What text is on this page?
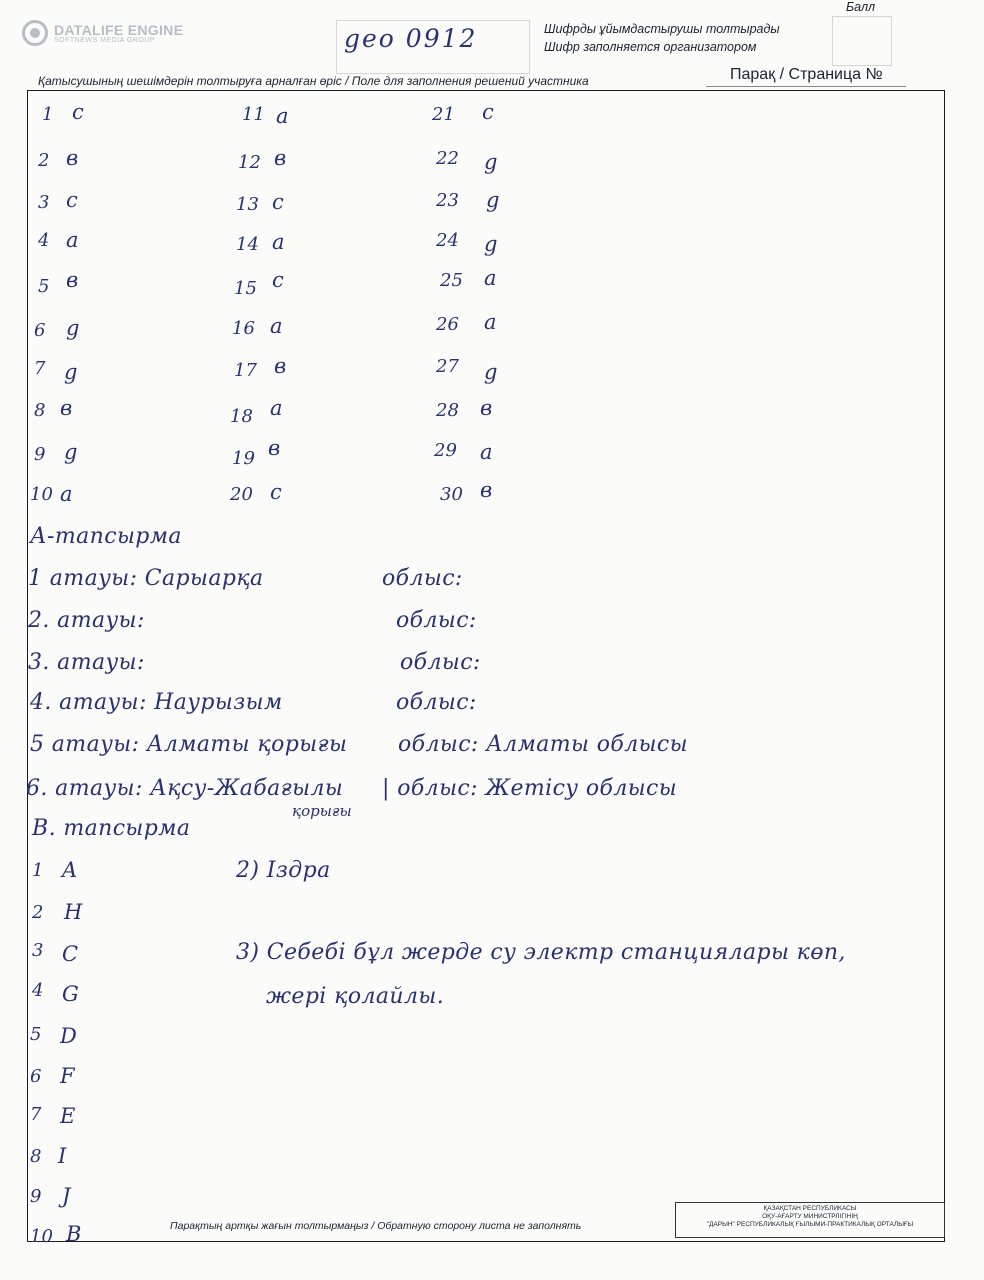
DATALIFE ENGINE
SOFTNEWS MEDIA GROUP	geo 0912	Шифрды ұйымдастырушы толтырады
Шифр заполняется организатором
Балл
Қатысушының шешімдерін толтыруға арналған өріс / Поле для заполнения решений участника	Парақ / Страница №
1 c
2 в
3 c
4 a
5 в
6 g
7 g
8 в
9 g
10 a
11 a
12 в
13 c
14 a
15 c
16 a
17 в
18 a
19 в
20 c
21 c
22 g
23 g
24 g
25 a
26 a
27 g
28 в
29 a
30 в
А-тапсырма
1 атауы: Сарыарқа	облыс:
2. атауы:	облыс:
3. атауы:	облыс:
4. атауы: Наурызым	облыс:
5 атауы: Алматы қорығы облыс: Алматы облысы
6. атауы: Ақсу-Жабағылы | облыс: Жетісу облысы
қорығы
В. тапсырма
1 A
2 H
3 C
4 G
5 D
6 F
7 E
8 I
9 J
10 B
2) Іздра
3) Себебі бұл жерде су электр станциялары көп,
жері қолайлы.
Парақтың артқы жағын толтырмаңыз / Обратную сторону листа не заполнять
ҚАЗАҚСТАН РЕСПУБЛИКАСЫ
ОҚУ-АҒАРТУ МИНИСТРЛІГІНІҢ
"ДАРЫН" РЕСПУБЛИКАЛЫҚ ҒЫЛЫМИ-ПРАКТИКАЛЫҚ ОРТАЛЫҒЫ
